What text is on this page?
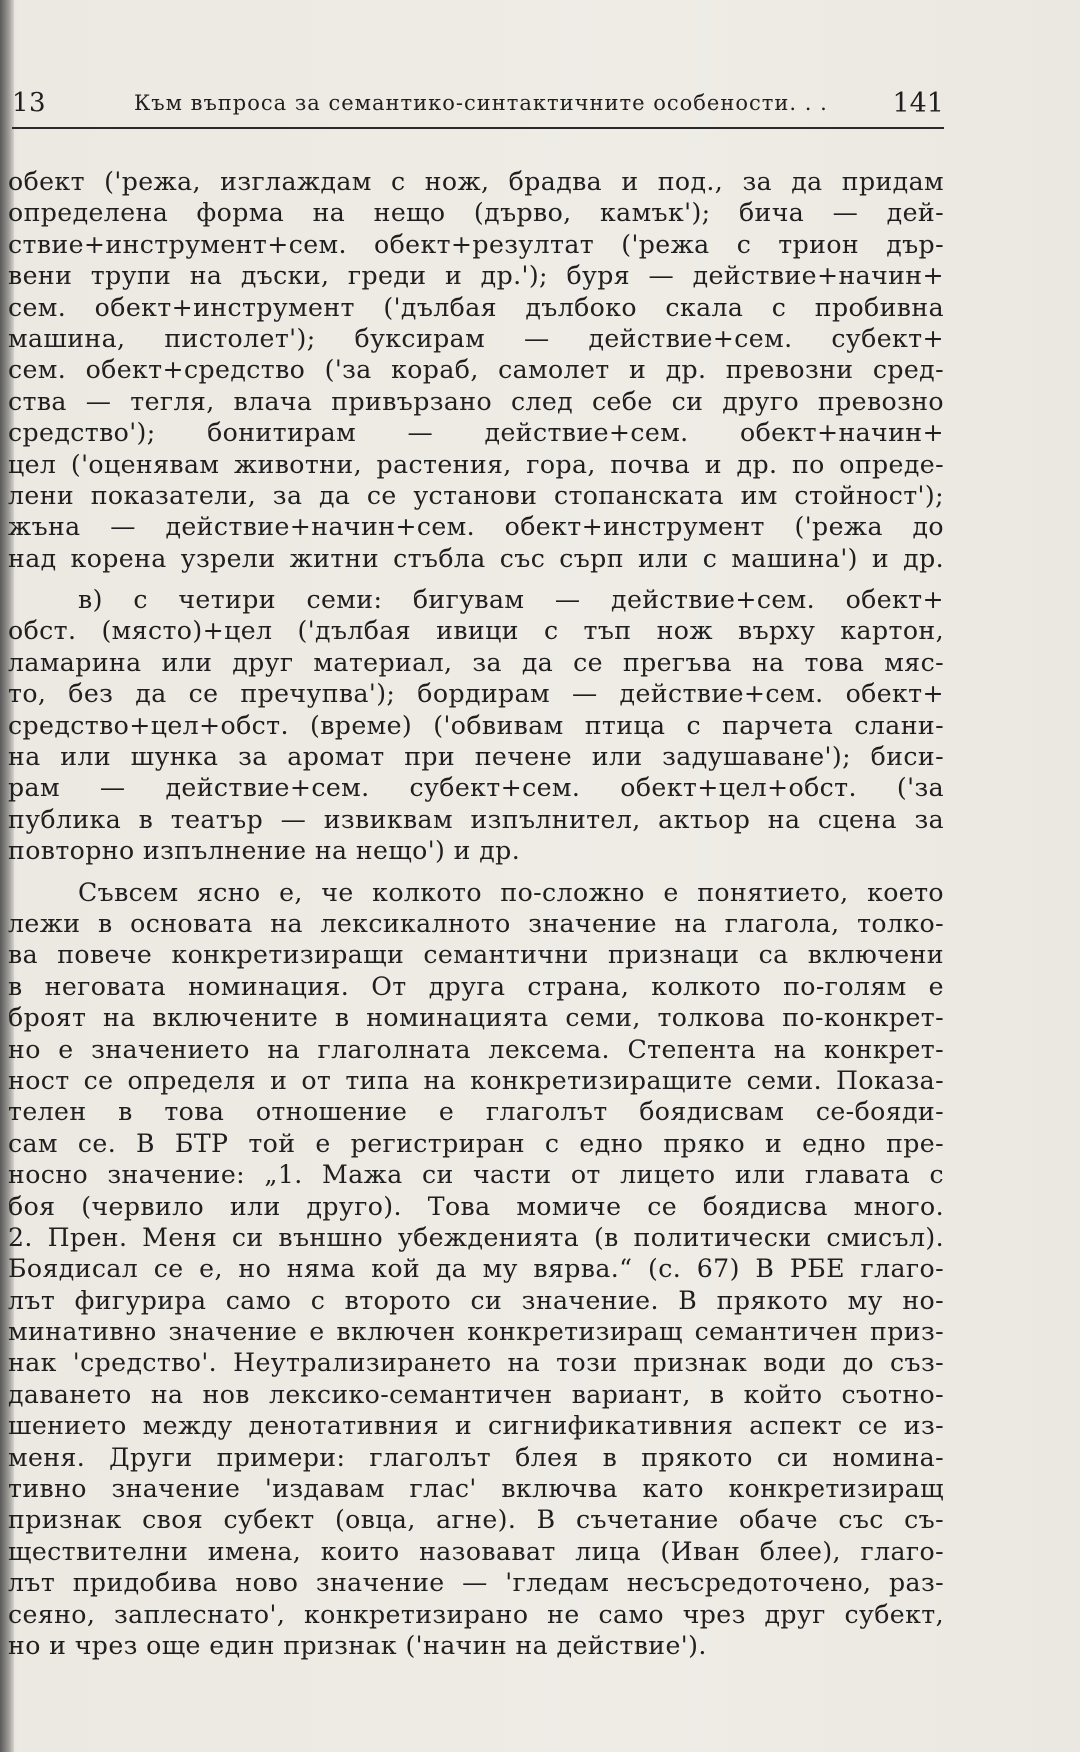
13	Към въпроса за семантико-синтактичните особености. . . 141
обект ('режа, изглаждам с нож, брадва и под., за да придам
определена форма на нещо (дърво, камък'); бича — дей-
ствие+инструмент+сем. обект+резултат ('режа с трион дър-
вени трупи на дъски, греди и др.'); буря — действие+начин+
сем. обект+инструмент ('дълбая дълбоко скала с пробивна
машина, пистолет'); буксирам — действие+сем. субект+
сем. обект+средство ('за кораб, самолет и др. превозни сред-
ства — тегля, влача привързано след себе си друго превозно
средство'); бонитирам — действие+сем. обект+начин+
цел ('оценявам животни, растения, гора, почва и др. по опреде-
лени показатели, за да се установи стопанската им стойност');
жъна — действие+начин+сем. обект+инструмент ('режа до
над корена узрели житни стъбла със сърп или с машина') и др.
в) с четири семи: бигувам — действие+сем. обект+
обст. (място)+цел ('дълбая ивици с тъп нож върху картон,
ламарина или друг материал, за да се прегъва на това мяс-
то, без да се пречупва'); бордирам — действие+сем. обект+
средство+цел+обст. (време) ('обвивам птица с парчета слани-
на или шунка за аромат при печене или задушаване'); биси-
рам — действие+сем. субект+сем. обект+цел+обст. ('за
публика в театър — извиквам изпълнител, актьор на сцена за
повторно изпълнение на нещо') и др.
Съвсем ясно е, че колкото по-сложно е понятието, което
лежи в основата на лексикалното значение на глагола, толко-
ва повече конкретизиращи семантични признаци са включени
в неговата номинация. От друга страна, колкото по-голям е
броят на включените в номинацията семи, толкова по-конкрет-
но е значението на глаголната лексема. Степента на конкрет-
ност се определя и от типа на конкретизиращите семи. Показа-
телен в това отношение е глаголът боядисвам се-бояди-
сам се. В БТР той е регистриран с едно пряко и едно пре-
носно значение: „1. Мажа си части от лицето или главата с
боя (червило или друго). Това момиче се боядисва много.
2. Прен. Меня си външно убежденията (в политически смисъл).
Боядисал се е, но няма кой да му вярва.“ (с. 67) В РБЕ глаго-
лът фигурира само с второто си значение. В прякото му но-
минативно значение е включен конкретизиращ семантичен приз-
нак 'средство'. Неутрализирането на този признак води до съз-
даването на нов лексико-семантичен вариант, в който съотно-
шението между денотативния и сигнификативния аспект се из-
меня. Други примери: глаголът блея в прякото си номина-
тивно значение 'издавам глас' включва като конкретизиращ
признак своя субект (овца, агне). В съчетание обаче със съ-
ществителни имена, които назовават лица (Иван блее), глаго-
лът придобива ново значение — 'гледам несъсредоточено, раз-
сеяно, заплеснато', конкретизирано не само чрез друг субект,
но и чрез още един признак ('начин на действие').
